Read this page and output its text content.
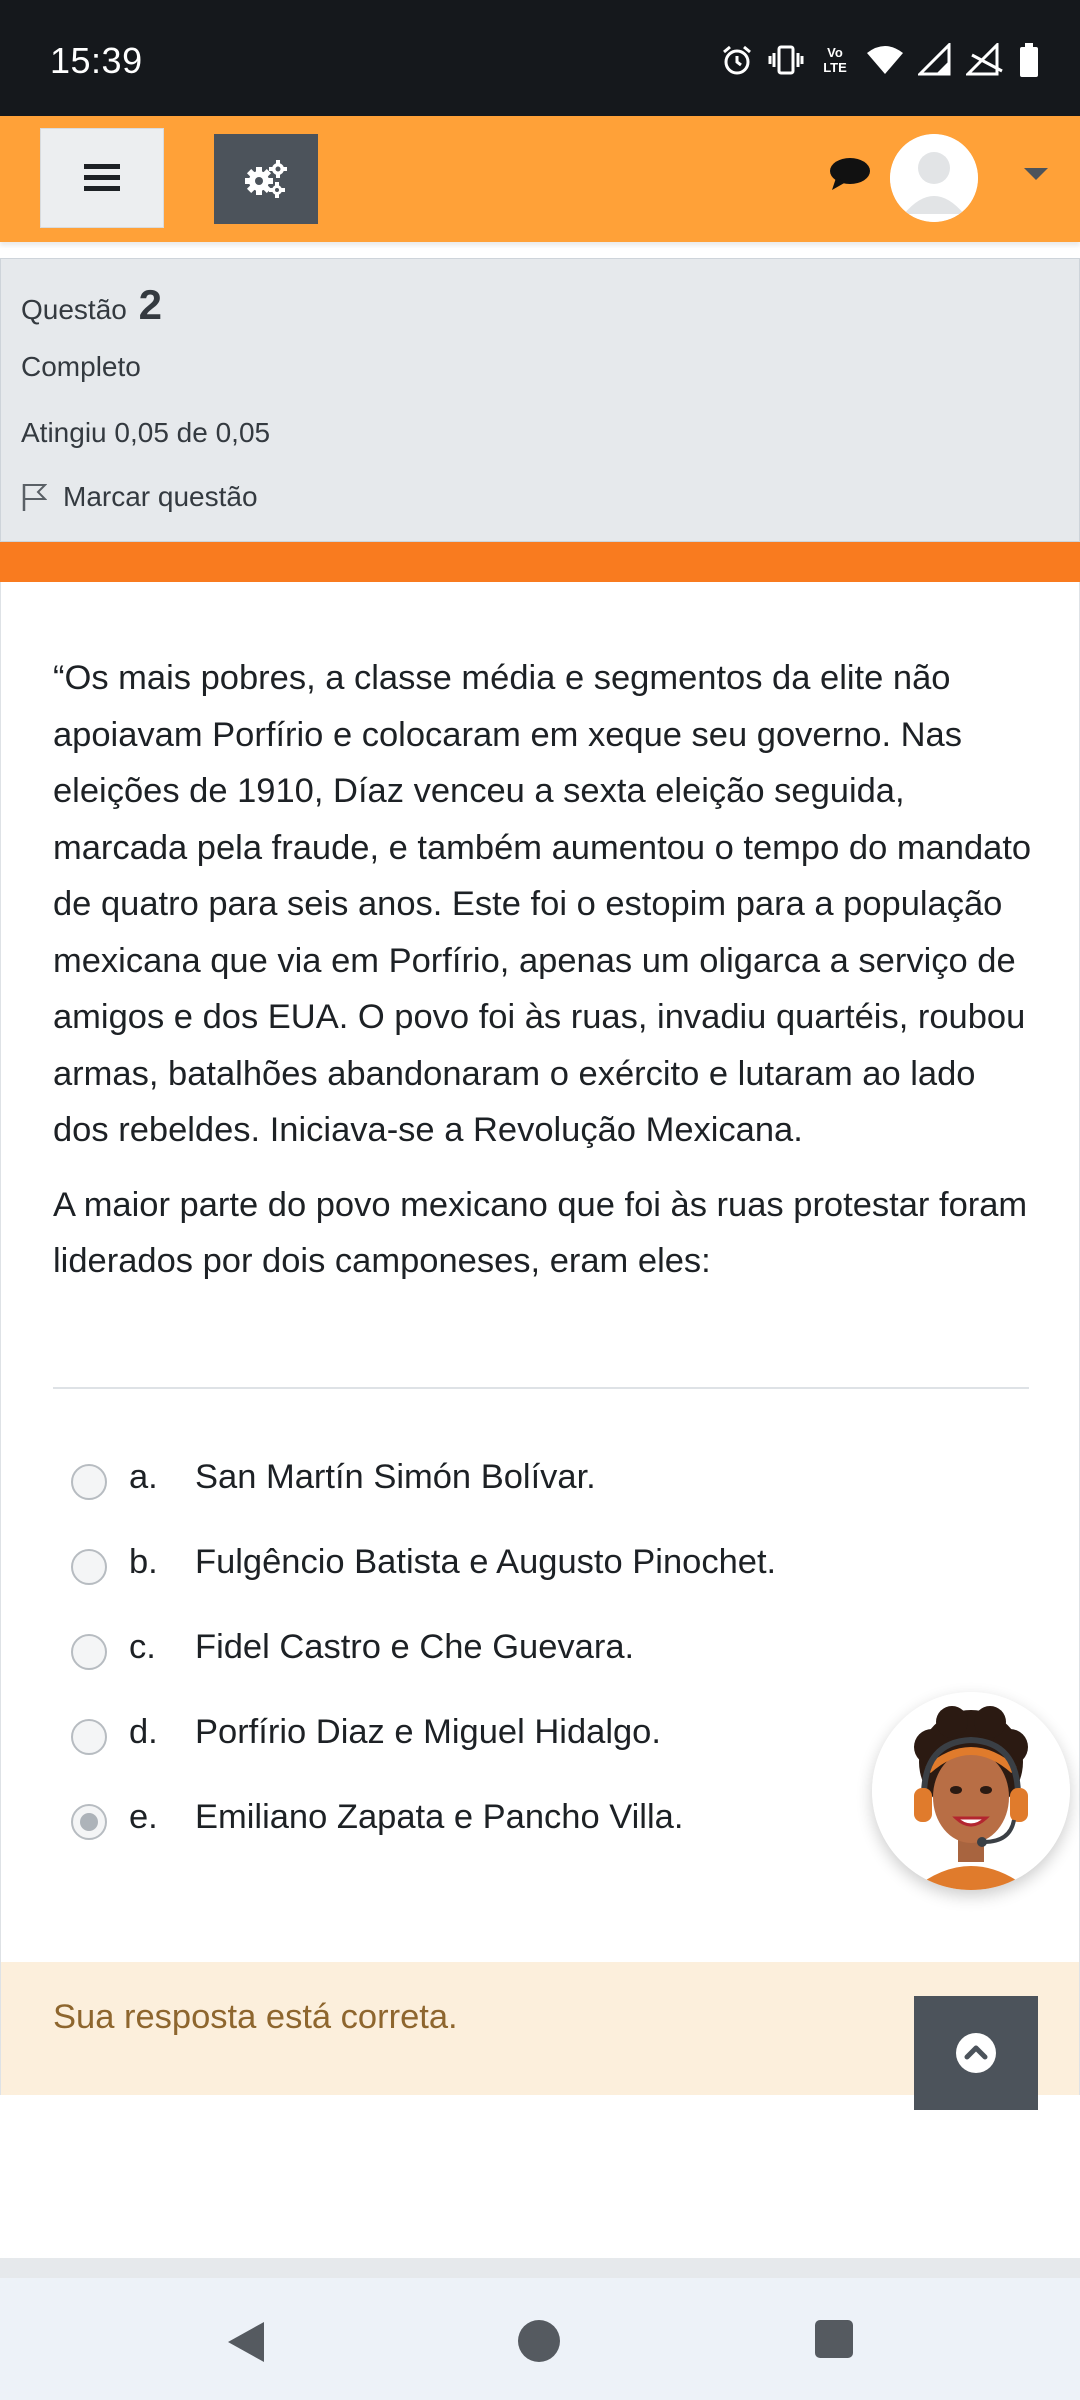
15:39	Vo
LTE
Questão 2
Completo
Atingiu 0,05 de 0,05
Marcar questão

“Os mais pobres, a classe média e segmentos da elite não apoiavam Porfírio e colocaram em xeque seu governo. Nas eleições de 1910, Díaz venceu a sexta eleição seguida, marcada pela fraude, e também aumentou o tempo do mandato de quatro para seis anos. Este foi o estopim para a população mexicana que via em Porfírio, apenas um oligarca a serviço de amigos e dos EUA. O povo foi às ruas, invadiu quartéis, roubou armas, batalhões abandonaram o exército e lutaram ao lado dos rebeldes. Iniciava-se a Revolução Mexicana.

A maior parte do povo mexicano que foi às ruas protestar foram liderados por dois camponeses, eram eles:

a.	San Martín Simón Bolívar.
b.	Fulgêncio Batista e Augusto Pinochet.
c.	Fidel Castro e Che Guevara.
d.	Porfírio Diaz e Miguel Hidalgo.
e.	Emiliano Zapata e Pancho Villa.
Sua resposta está correta.
